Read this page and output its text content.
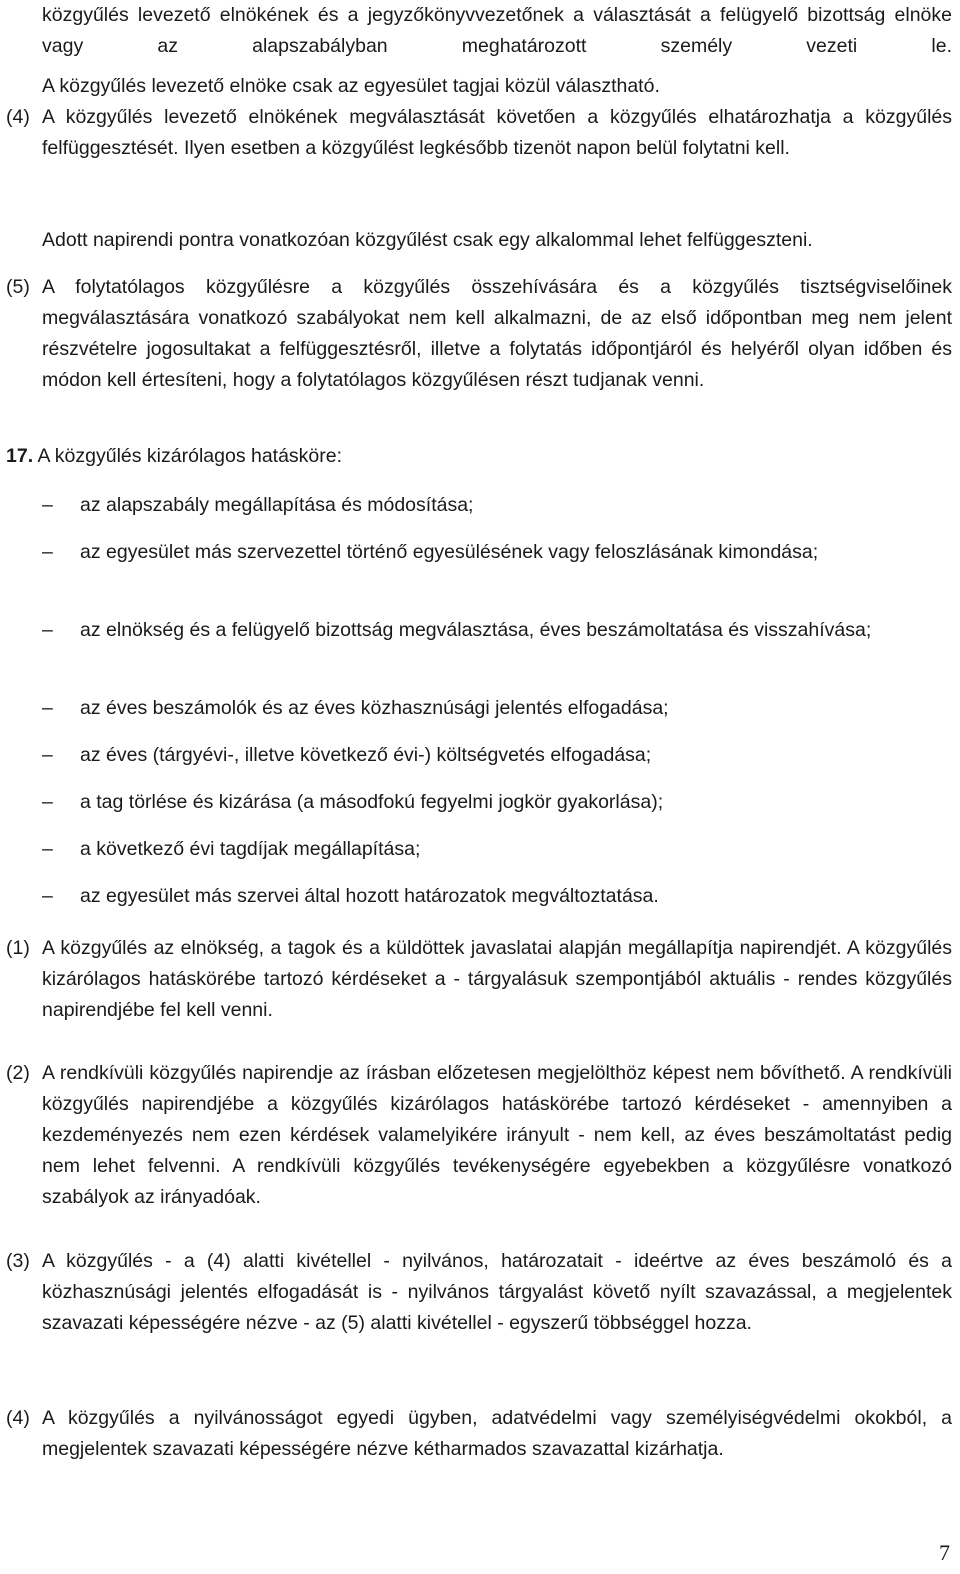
közgyűlés levezető elnökének és a jegyzőkönyvvezetőnek a választását a felügyelő bizottság elnöke vagy az alapszabályban meghatározott személy vezeti le.
A közgyűlés levezető elnöke csak az egyesület tagjai közül választható.
(4) A közgyűlés levezető elnökének megválasztását követően a közgyűlés elhatározhatja a közgyűlés felfüggesztését. Ilyen esetben a közgyűlést legkésőbb tizenöt napon belül folytatni kell.
Adott napirendi pontra vonatkozóan közgyűlést csak egy alkalommal lehet felfüggeszteni.
(5) A folytatólagos közgyűlésre a közgyűlés összehívására és a közgyűlés tisztségviselőinek megválasztására vonatkozó szabályokat nem kell alkalmazni, de az első időpontban meg nem jelent részvételre jogosultakat a felfüggesztésről, illetve a folytatás időpontjáról és helyéről olyan időben és módon kell értesíteni, hogy a folytatólagos közgyűlésen részt tudjanak venni.
17. A közgyűlés kizárólagos hatásköre:
– az alapszabály megállapítása és módosítása;
– az egyesület más szervezettel történő egyesülésének vagy feloszlásának kimondása;
– az elnökség és a felügyelő bizottság megválasztása, éves beszámoltatása és visszahívása;
– az éves beszámolók és az éves közhasznúsági jelentés elfogadása;
– az éves (tárgyévi-, illetve következő évi-) költségvetés elfogadása;
– a tag törlése és kizárása (a másodfokú fegyelmi jogkör gyakorlása);
– a következő évi tagdíjak megállapítása;
– az egyesület más szervei által hozott határozatok megváltoztatása.
(1) A közgyűlés az elnökség, a tagok és a küldöttek javaslatai alapján megállapítja napirendjét. A közgyűlés kizárólagos hatáskörébe tartozó kérdéseket a - tárgyalásuk szempontjából aktuális - rendes közgyűlés napirendjébe fel kell venni.
(2) A rendkívüli közgyűlés napirendje az írásban előzetesen megjelölthöz képest nem bővíthető. A rendkívüli közgyűlés napirendjébe a közgyűlés kizárólagos hatáskörébe tartozó kérdéseket - amennyiben a kezdeményezés nem ezen kérdések valamelyikére irányult - nem kell, az éves beszámoltatást pedig nem lehet felvenni. A rendkívüli közgyűlés tevékenységére egyebekben a közgyűlésre vonatkozó szabályok az irányadóak.
(3) A közgyűlés - a (4) alatti kivétellel - nyilvános, határozatait - ideértve az éves beszámoló és a közhasznúsági jelentés elfogadását is - nyilvános tárgyalást követő nyílt szavazással, a megjelentek szavazati képességére nézve - az (5) alatti kivétellel - egyszerű többséggel hozza.
(4) A közgyűlés a nyilvánosságot egyedi ügyben, adatvédelmi vagy személyiségvédelmi okokból, a megjelentek szavazati képességére nézve kétharmados szavazattal kizárhatja.
7
